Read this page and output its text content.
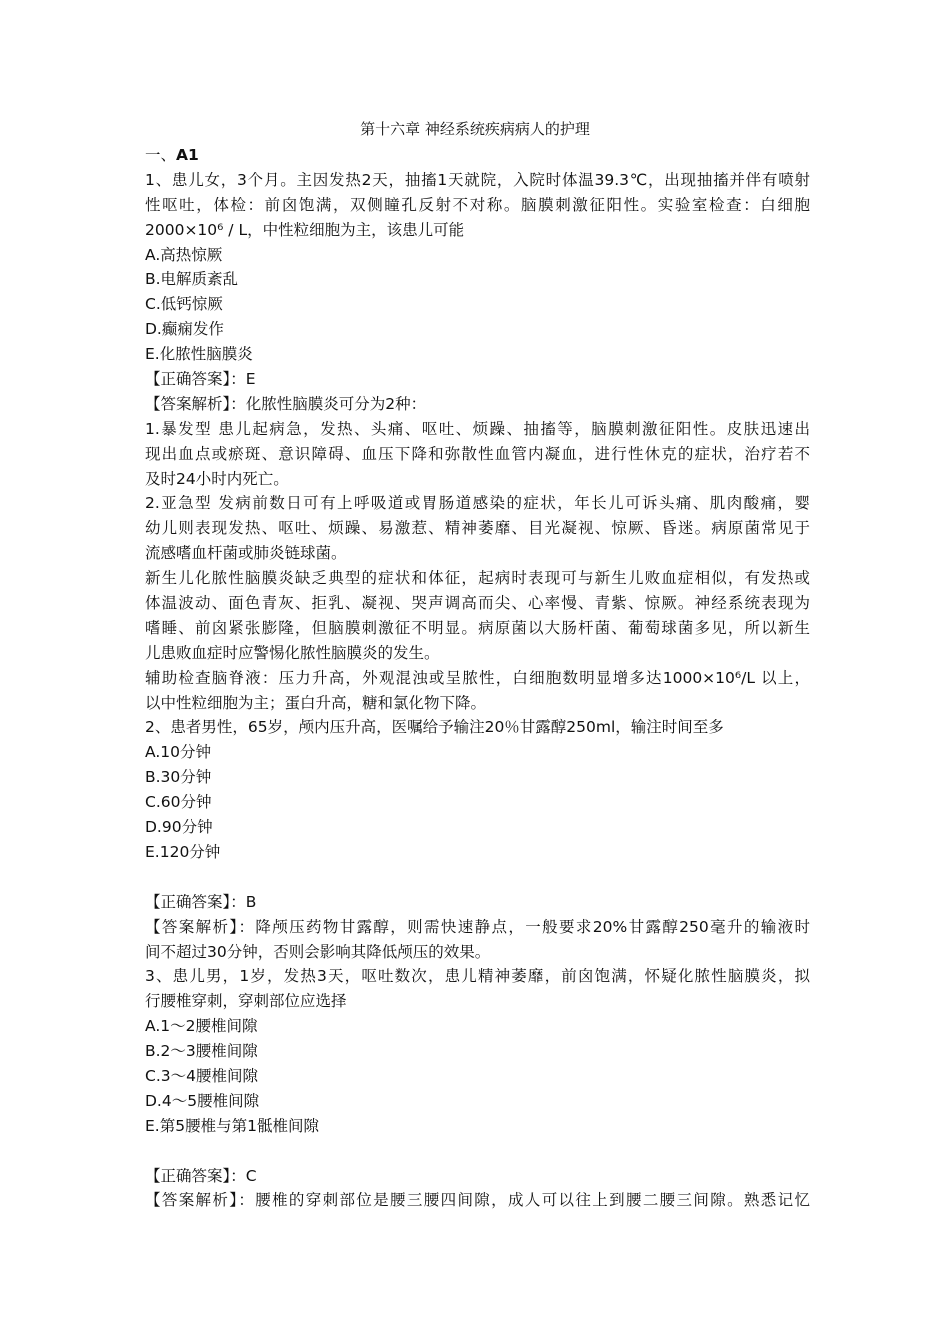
第十六章 神经系统疾病病人的护理
一、A1
1、患儿女，3个月。主因发热2天，抽搐1天就院，入院时体温39.3℃，出现抽搐并伴有喷射
性呕吐，体检：前囟饱满，双侧瞳孔反射不对称。脑膜刺激征阳性。实验室检查：白细胞
2000×10⁶ / L，中性粒细胞为主，该患儿可能
A.高热惊厥
B.电解质紊乱
C.低钙惊厥
D.癫痫发作
E.化脓性脑膜炎
【正确答案】：E
【答案解析】：化脓性脑膜炎可分为2种：
1.暴发型 患儿起病急，发热、头痛、呕吐、烦躁、抽搐等，脑膜刺激征阳性。皮肤迅速出
现出血点或瘀斑、意识障碍、血压下降和弥散性血管内凝血，进行性休克的症状，治疗若不
及时24小时内死亡。
2.亚急型 发病前数日可有上呼吸道或胃肠道感染的症状，年长儿可诉头痛、肌肉酸痛，婴
幼儿则表现发热、呕吐、烦躁、易激惹、精神萎靡、目光凝视、惊厥、昏迷。病原菌常见于
流感嗜血杆菌或肺炎链球菌。
新生儿化脓性脑膜炎缺乏典型的症状和体征，起病时表现可与新生儿败血症相似，有发热或
体温波动、面色青灰、拒乳、凝视、哭声调高而尖、心率慢、青紫、惊厥。神经系统表现为
嗜睡、前囟紧张膨隆，但脑膜刺激征不明显。病原菌以大肠杆菌、葡萄球菌多见，所以新生
儿患败血症时应警惕化脓性脑膜炎的发生。
辅助检查脑脊液：压力升高，外观混浊或呈脓性，白细胞数明显增多达1000×10⁶/L 以上，
以中性粒细胞为主；蛋白升高，糖和氯化物下降。
2、患者男性，65岁，颅内压升高，医嘱给予输注20％甘露醇250ml，输注时间至多
A.10分钟
B.30分钟
C.60分钟
D.90分钟
E.120分钟
【正确答案】：B
【答案解析】：降颅压药物甘露醇，则需快速静点，一般要求20%甘露醇250毫升的输液时
间不超过30分钟，否则会影响其降低颅压的效果。
3、患儿男，1岁，发热3天，呕吐数次，患儿精神萎靡，前囟饱满，怀疑化脓性脑膜炎，拟
行腰椎穿刺，穿刺部位应选择
A.1～2腰椎间隙
B.2～3腰椎间隙
C.3～4腰椎间隙
D.4～5腰椎间隙
E.第5腰椎与第1骶椎间隙
【正确答案】：C
【答案解析】：腰椎的穿刺部位是腰三腰四间隙，成人可以往上到腰二腰三间隙。熟悉记忆
